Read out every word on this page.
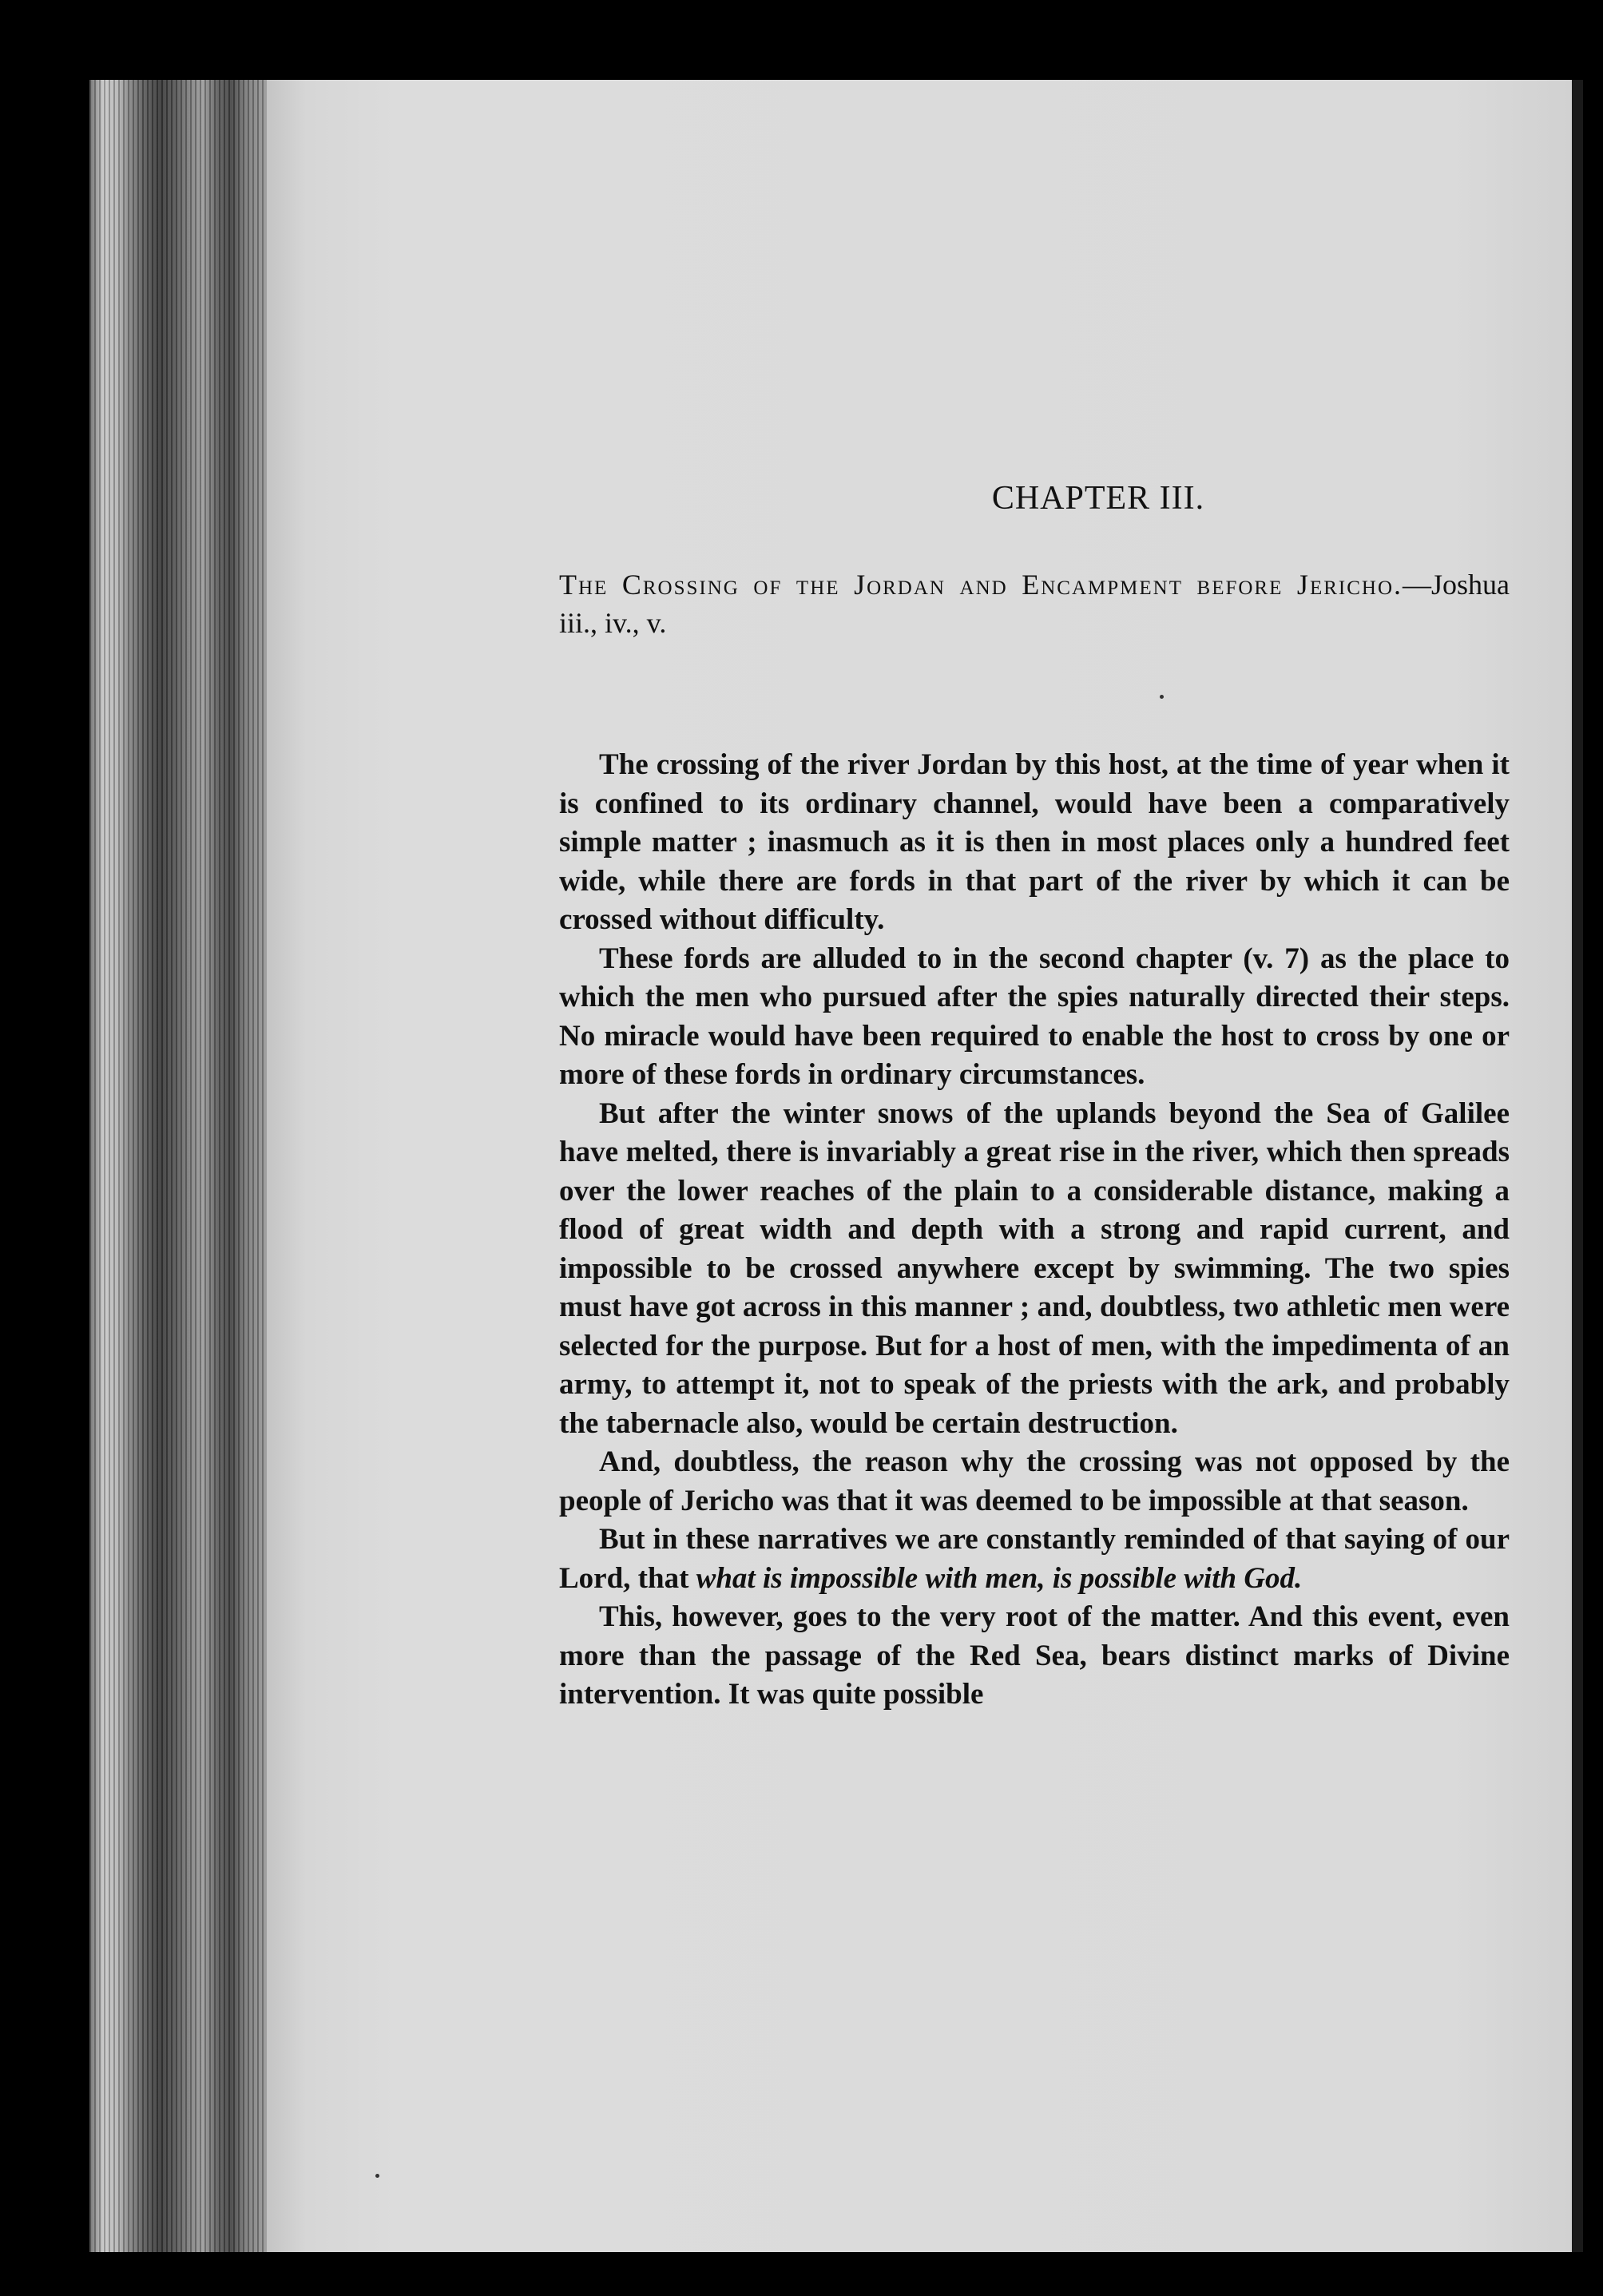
CHAPTER III.

The Crossing of the Jordan and Encampment before Jericho.—Joshua iii., iv., v.

The crossing of the river Jordan by this host, at the time of year when it is confined to its ordinary channel, would have been a comparatively simple matter ; inasmuch as it is then in most places only a hundred feet wide, while there are fords in that part of the river by which it can be crossed without difficulty.

These fords are alluded to in the second chapter (v. 7) as the place to which the men who pursued after the spies naturally directed their steps. No miracle would have been required to enable the host to cross by one or more of these fords in ordinary circumstances.

But after the winter snows of the uplands beyond the Sea of Galilee have melted, there is invariably a great rise in the river, which then spreads over the lower reaches of the plain to a considerable distance, making a flood of great width and depth with a strong and rapid current, and impossible to be crossed anywhere except by swimming. The two spies must have got across in this manner ; and, doubtless, two athletic men were selected for the purpose. But for a host of men, with the impedimenta of an army, to attempt it, not to speak of the priests with the ark, and probably the tabernacle also, would be certain destruction.

And, doubtless, the reason why the crossing was not opposed by the people of Jericho was that it was deemed to be impossible at that season.

But in these narratives we are constantly reminded of that saying of our Lord, that what is impossible with men, is possible with God.

This, however, goes to the very root of the matter. And this event, even more than the passage of the Red Sea, bears distinct marks of Divine intervention. It was quite possible
